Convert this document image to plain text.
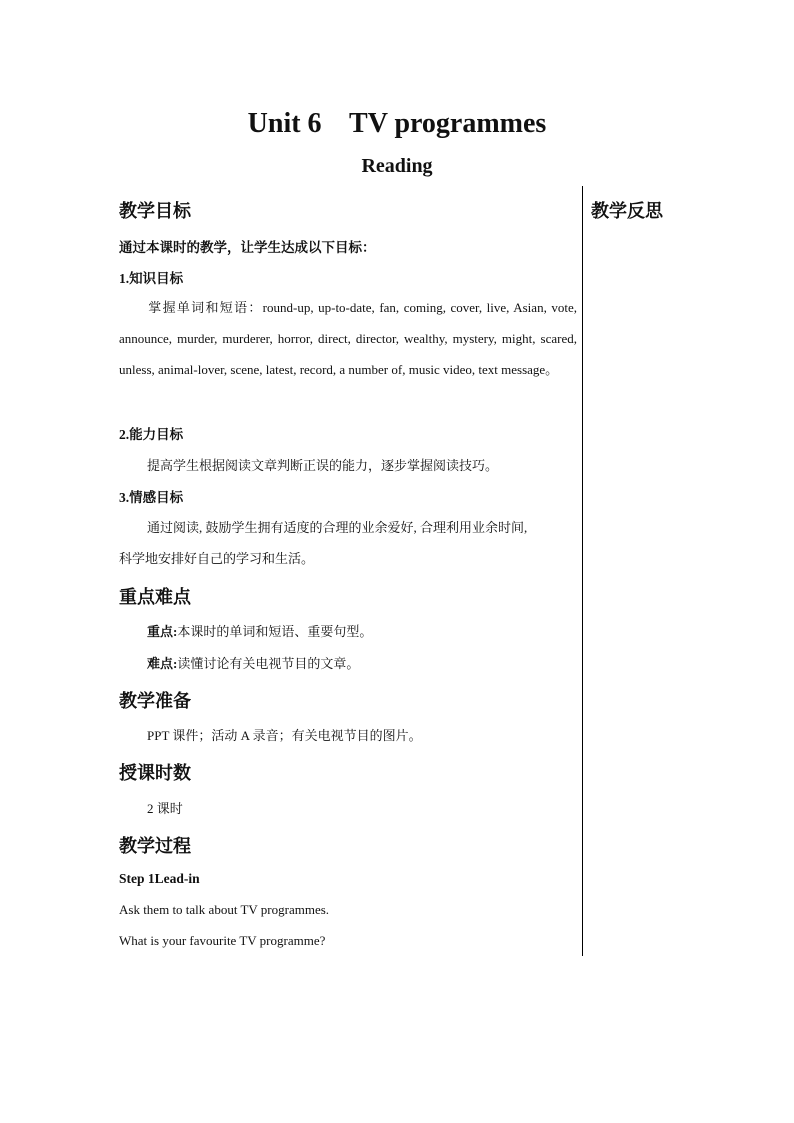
Unit 6    TV programmes
Reading
教学反思
教学目标
通过本课时的教学，让学生达成以下目标：
1.知识目标
掌握单词和短语：round-up, up-to-date, fan, coming, cover, live, Asian, vote, announce, murder, murderer, horror, direct, director, wealthy, mystery, might, scared, unless, animal-lover, scene, latest, record, a number of, music video, text message。
2.能力目标
提高学生根据阅读文章判断正误的能力，逐步掌握阅读技巧。
3.情感目标
通过阅读, 鼓励学生拥有适度的合理的业余爱好, 合理利用业余时间,
科学地安排好自己的学习和生活。
重点难点
重点:本课时的单词和短语、重要句型。
难点:读懂讨论有关电视节目的文章。
教学准备
PPT 课件；活动 A 录音；有关电视节目的图片。
授课时数
2 课时
教学过程
Step 1Lead-in
Ask them to talk about TV programmes.
What is your favourite TV programme?
